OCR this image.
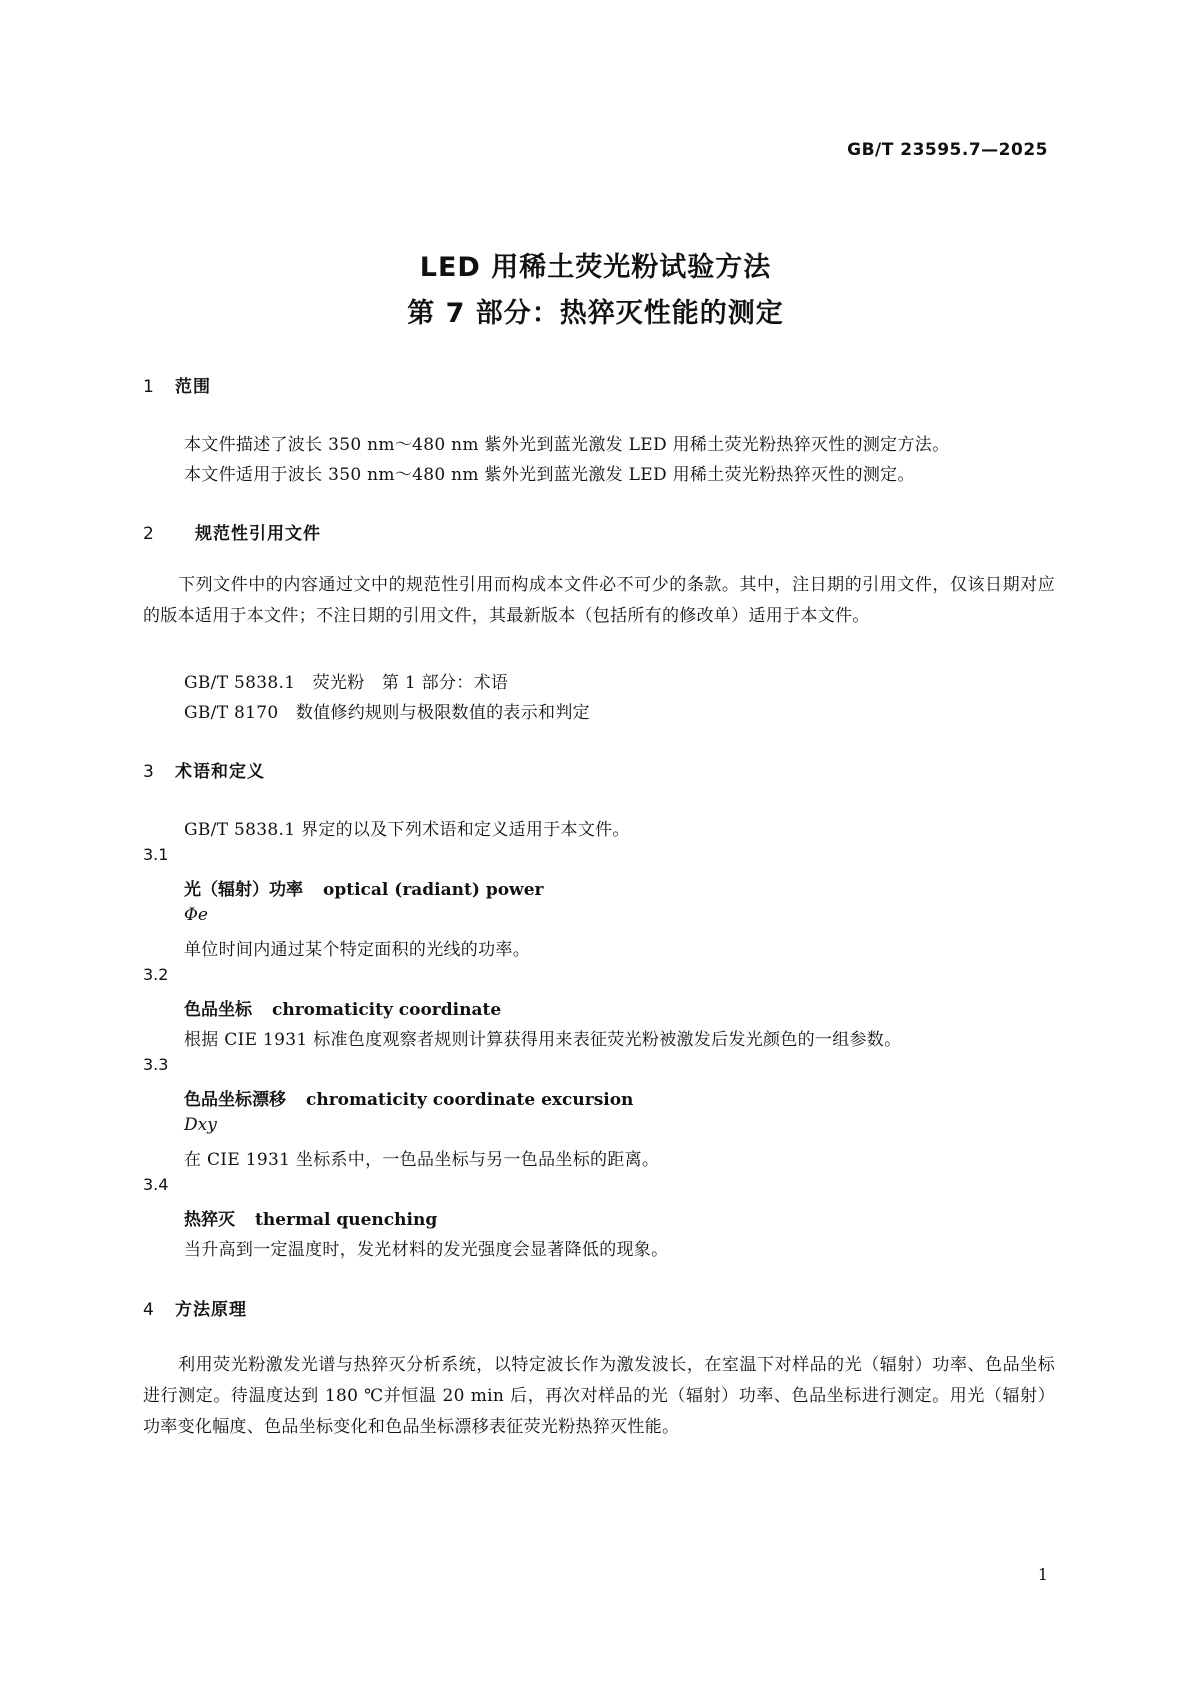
GB/T 23595.7—2025
LED 用稀土荧光粉试验方法
第 7 部分：热猝灭性能的测定
1 范围
本文件描述了波长 350 nm～480 nm 紫外光到蓝光激发 LED 用稀土荧光粉热猝灭性的测定方法。
本文件适用于波长 350 nm～480 nm 紫外光到蓝光激发 LED 用稀土荧光粉热猝灭性的测定。
2 规范性引用文件
　　下列文件中的内容通过文中的规范性引用而构成本文件必不可少的条款。其中，注日期的引用文件，仅该日期对应的版本适用于本文件；不注日期的引用文件，其最新版本（包括所有的修改单）适用于本文件。
GB/T 5838.1　 荧光粉　第 1 部分：术语
GB/T 8170　 数值修约规则与极限数值的表示和判定
3 术语和定义
GB/T 5838.1 界定的以及下列术语和定义适用于本文件。
3.1
光（辐射）功率 optical (radiant) power
Φe
单位时间内通过某个特定面积的光线的功率。
3.2
色品坐标 chromaticity coordinate
根据 CIE 1931 标准色度观察者规则计算获得用来表征荧光粉被激发后发光颜色的一组参数。
3.3
色品坐标漂移 chromaticity coordinate excursion
Dxy
在 CIE 1931 坐标系中，一色品坐标与另一色品坐标的距离。
3.4
热猝灭 thermal quenching
当升高到一定温度时，发光材料的发光强度会显著降低的现象。
4 方法原理
　　利用荧光粉激发光谱与热猝灭分析系统，以特定波长作为激发波长，在室温下对样品的光（辐射）功率、色品坐标进行测定。待温度达到 180 ℃并恒温 20 min 后，再次对样品的光（辐射）功率、色品坐标进行测定。用光（辐射）功率变化幅度、色品坐标变化和色品坐标漂移表征荧光粉热猝灭性能。
1
